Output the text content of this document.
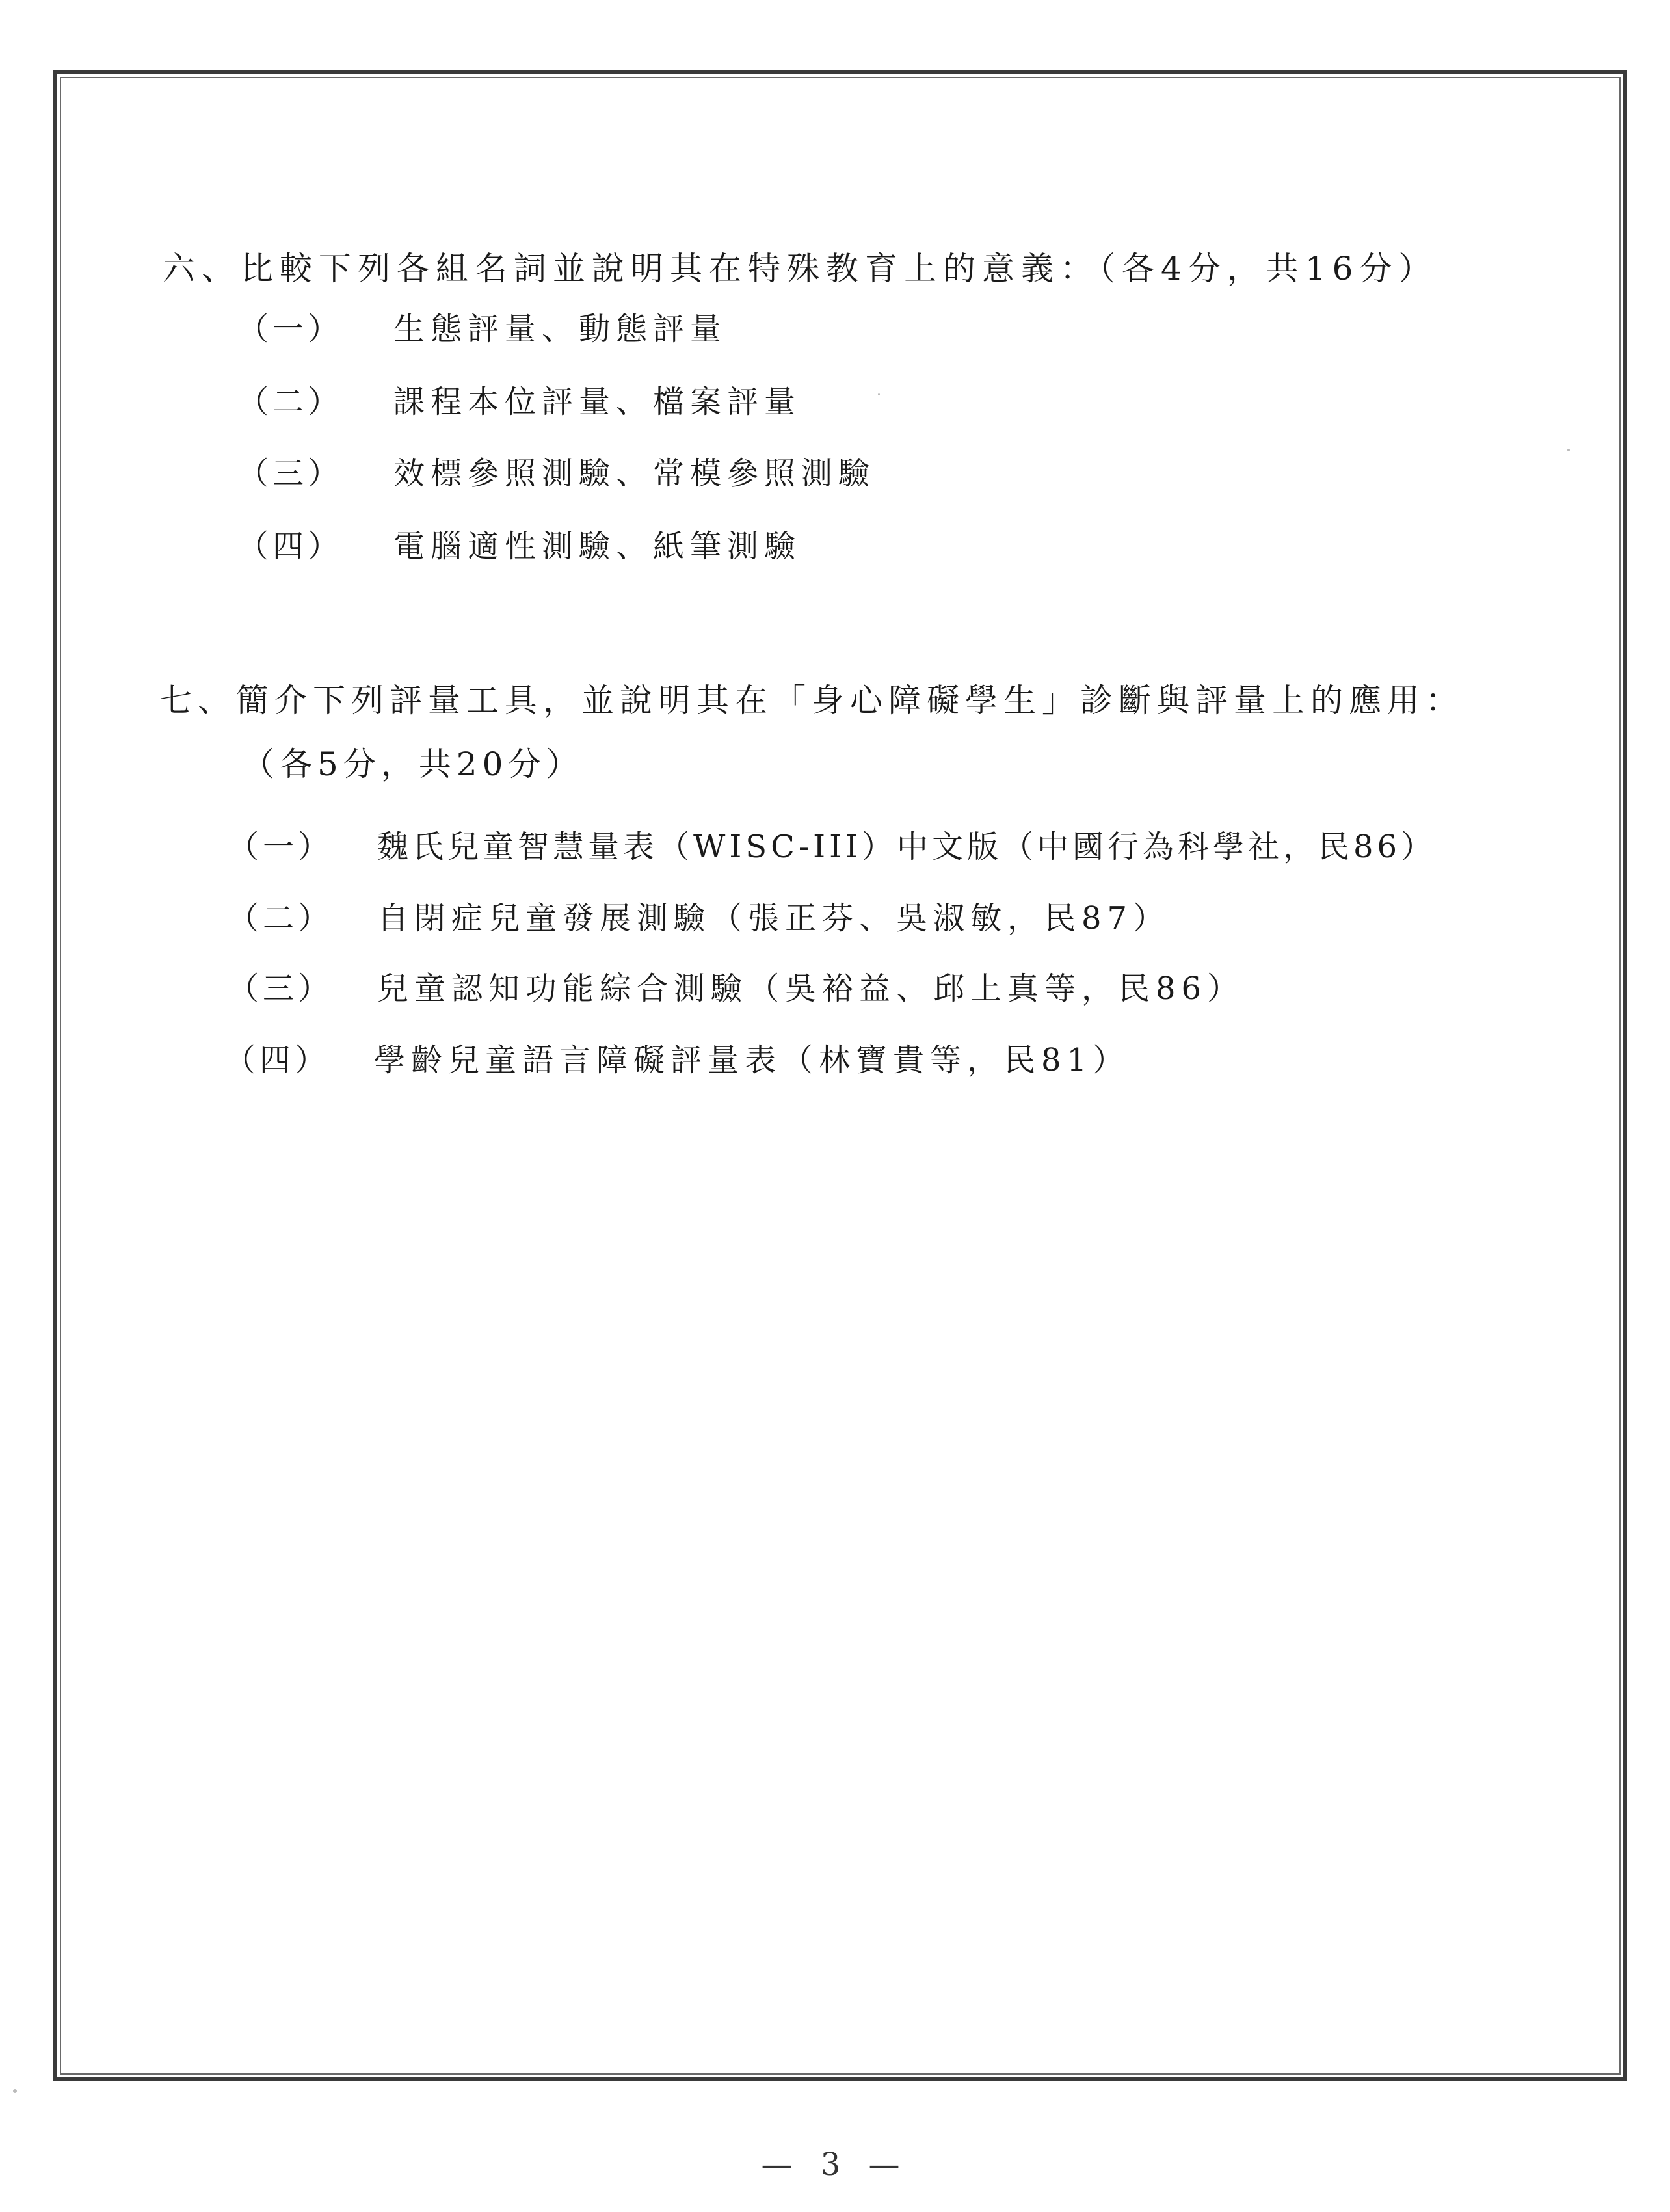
六、比較下列各組名詞並說明其在特殊教育上的意義：（各4分，共16分）
（一） 生態評量、動態評量
（二） 課程本位評量、檔案評量
（三） 效標參照測驗、常模參照測驗
（四） 電腦適性測驗、紙筆測驗
七、簡介下列評量工具，並說明其在「身心障礙學生」診斷與評量上的應用：
（各5分，共20分）
（一） 魏氏兒童智慧量表（WISC-III）中文版（中國行為科學社，民86）
（二） 自閉症兒童發展測驗（張正芬、吳淑敏，民87）
（三） 兒童認知功能綜合測驗（吳裕益、邱上真等，民86）
（四） 學齡兒童語言障礙評量表（林寶貴等，民81）
— 3 —
